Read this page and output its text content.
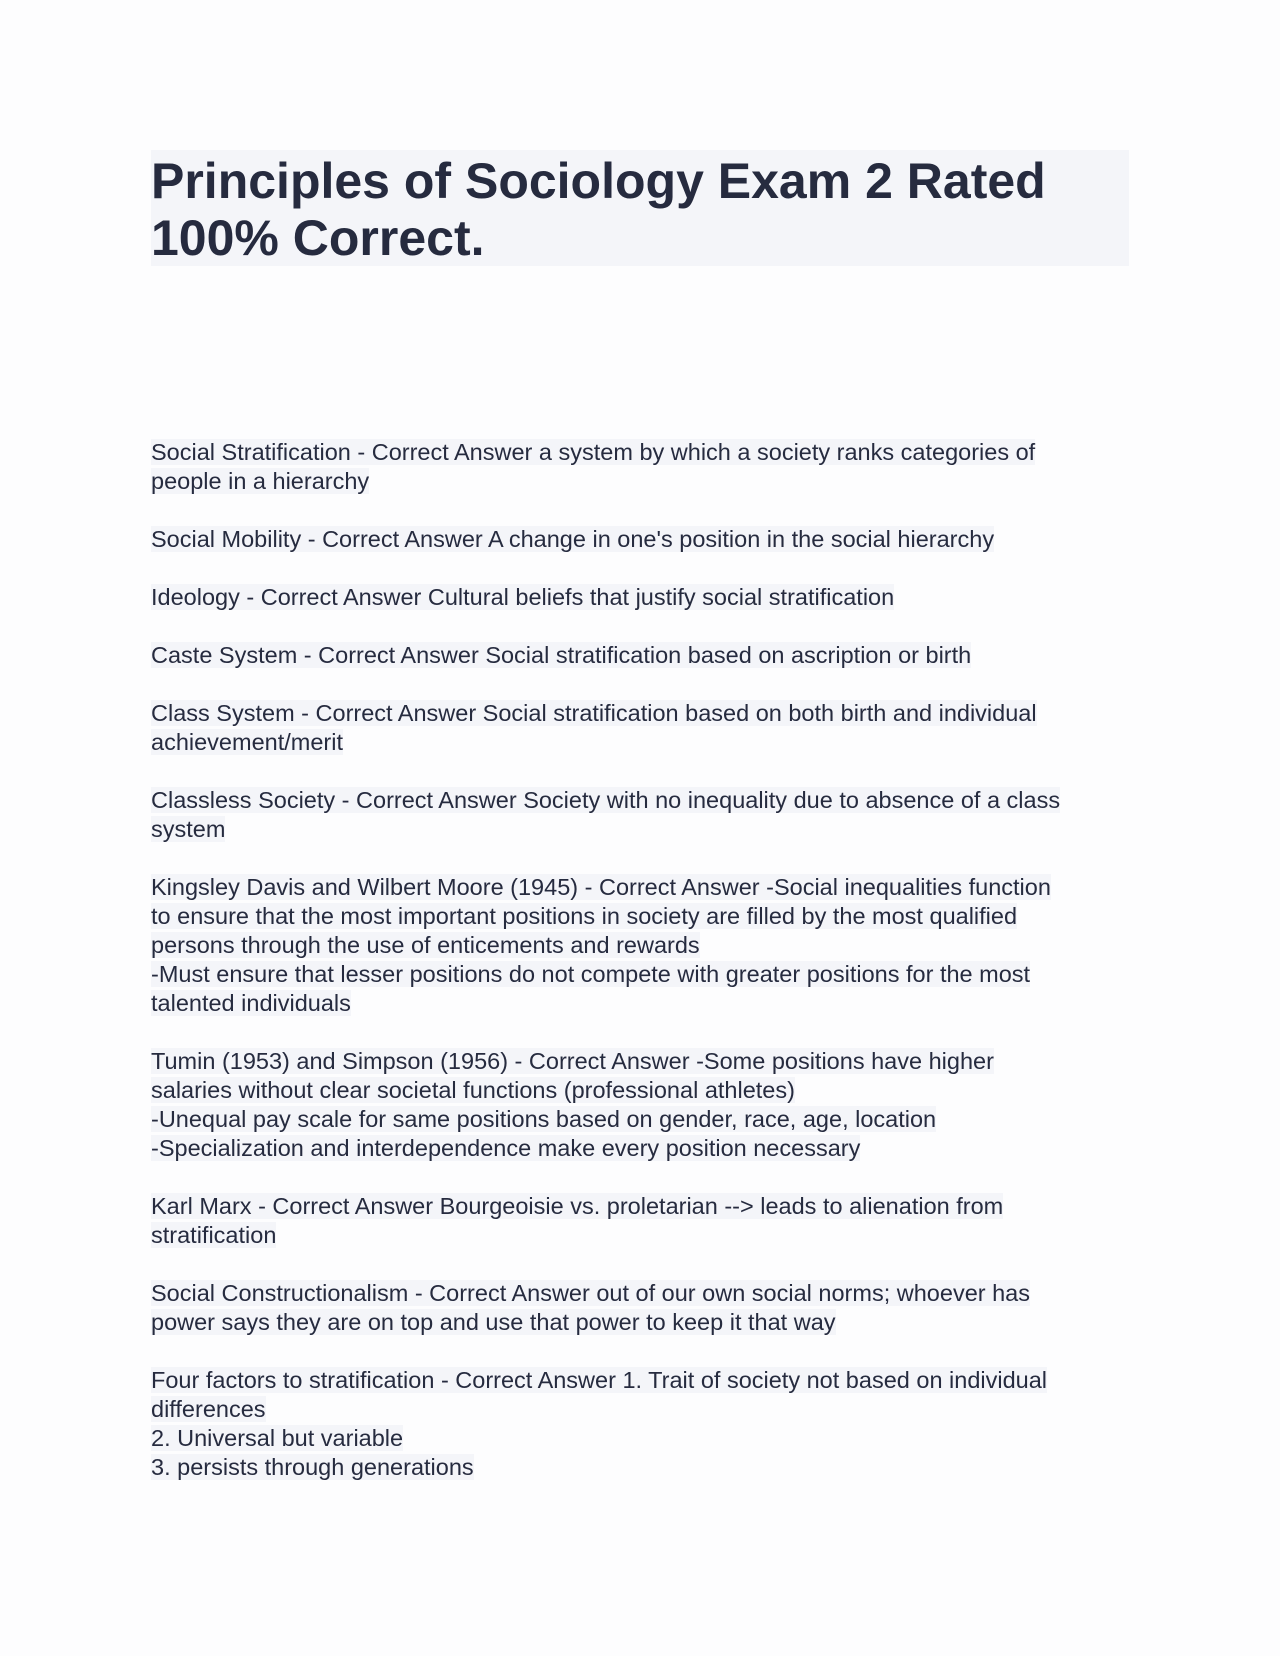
Principles of Sociology Exam 2 Rated
100% Correct.
Social Stratification - Correct Answer a system by which a society ranks categories of
people in a hierarchy
Social Mobility - Correct Answer A change in one's position in the social hierarchy
Ideology - Correct Answer Cultural beliefs that justify social stratification
Caste System - Correct Answer Social stratification based on ascription or birth
Class System - Correct Answer Social stratification based on both birth and individual
achievement/merit
Classless Society - Correct Answer Society with no inequality due to absence of a class
system
Kingsley Davis and Wilbert Moore (1945) - Correct Answer -Social inequalities function
to ensure that the most important positions in society are filled by the most qualified
persons through the use of enticements and rewards
-Must ensure that lesser positions do not compete with greater positions for the most
talented individuals
Tumin (1953) and Simpson (1956) - Correct Answer -Some positions have higher
salaries without clear societal functions (professional athletes)
-Unequal pay scale for same positions based on gender, race, age, location
-Specialization and interdependence make every position necessary
Karl Marx - Correct Answer Bourgeoisie vs. proletarian --> leads to alienation from
stratification
Social Constructionalism - Correct Answer out of our own social norms; whoever has
power says they are on top and use that power to keep it that way
Four factors to stratification - Correct Answer 1. Trait of society not based on individual
differences
2. Universal but variable
3. persists through generations
